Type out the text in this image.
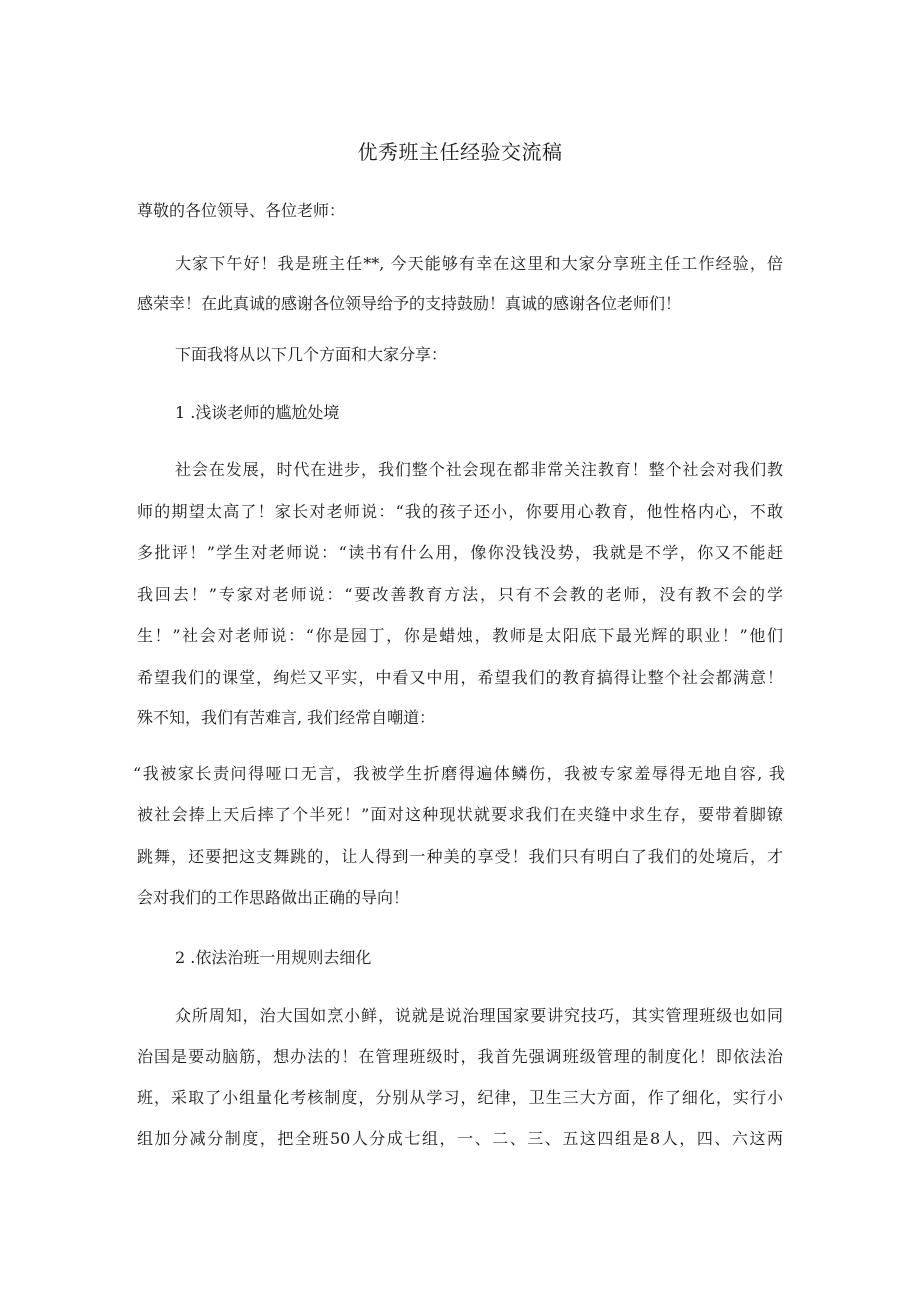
优秀班主任经验交流稿
尊敬的各位领导、各位老师：
大家下午好！我是班主任**, 今天能够有幸在这里和大家分享班主任工作经验，倍
感荣幸！在此真诚的感谢各位领导给予的支持鼓励！真诚的感谢各位老师们！
下面我将从以下几个方面和大家分享：
1 .浅谈老师的尴尬处境
社会在发展，时代在进步，我们整个社会现在都非常关注教育！整个社会对我们教
师的期望太高了！家长对老师说：“我的孩子还小，你要用心教育，他性格内心，不敢
多批评！”学生对老师说：“读书有什么用，像你没钱没势，我就是不学，你又不能赶
我回去！”专家对老师说：“要改善教育方法，只有不会教的老师，没有教不会的学
生！”社会对老师说：“你是园丁，你是蜡烛，教师是太阳底下最光辉的职业！”他们
希望我们的课堂，绚烂又平实，中看又中用，希望我们的教育搞得让整个社会都满意！
殊不知，我们有苦难言, 我们经常自嘲道：
“我被家长责问得哑口无言，我被学生折磨得遍体鳞伤，我被专家羞辱得无地自容, 我
被社会捧上天后摔了个半死！”面对这种现状就要求我们在夹缝中求生存，要带着脚镣
跳舞，还要把这支舞跳的，让人得到一种美的享受！我们只有明白了我们的处境后，才
会对我们的工作思路做出正确的导向！
2 .依法治班一用规则去细化
众所周知，治大国如烹小鲜，说就是说治理国家要讲究技巧，其实管理班级也如同
治国是要动脑筋，想办法的！在管理班级时，我首先强调班级管理的制度化！即依法治
班，采取了小组量化考核制度，分别从学习，纪律，卫生三大方面，作了细化，实行小
组加分减分制度，把全班50人分成七组，一、二、三、五这四组是8人，四、六这两
